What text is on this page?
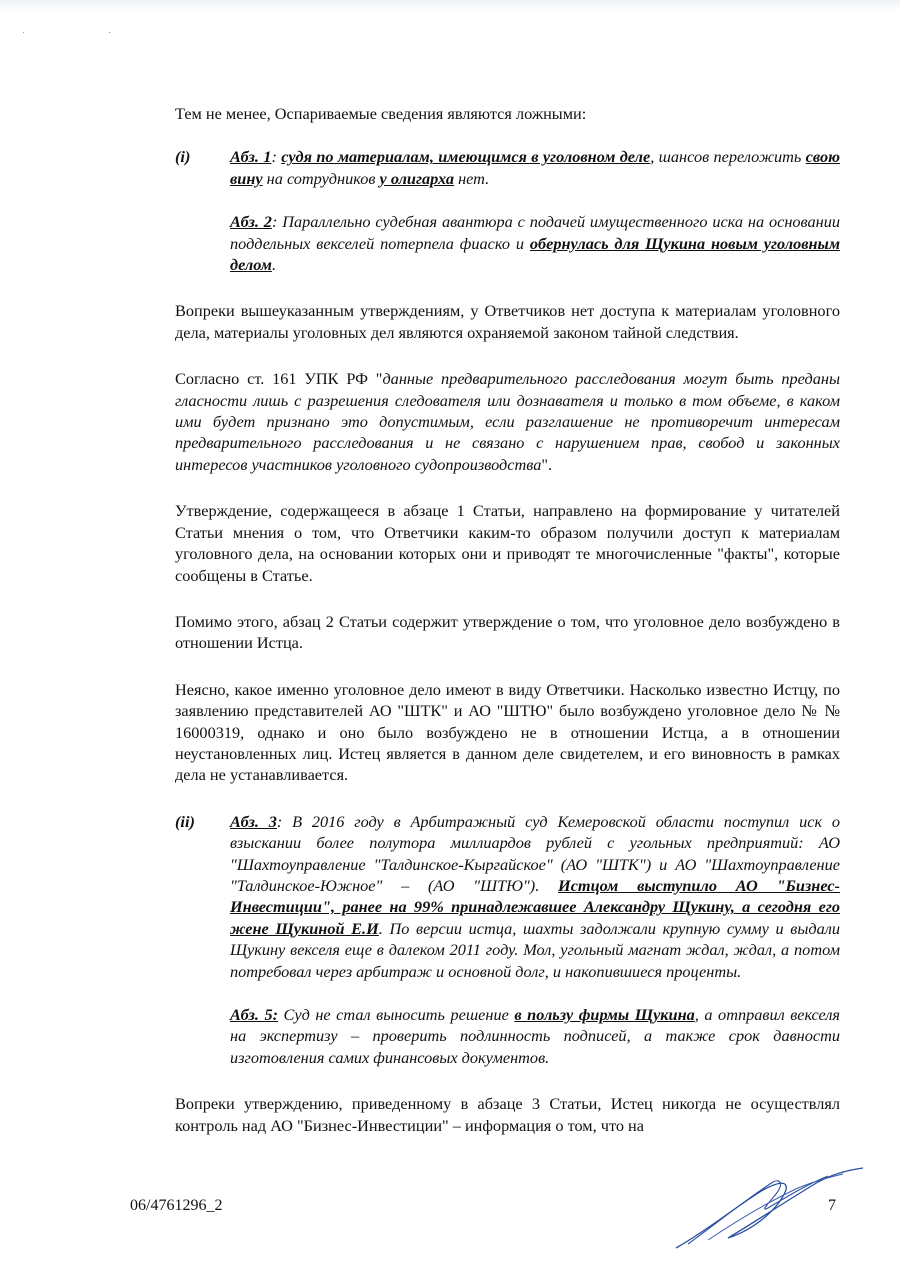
· ·

Тем не менее, Оспариваемые сведения являются ложными:

(i)	Абз. 1: судя по материалам, имеющимся в уголовном деле, шансов переложить свою вину на сотрудников у олигарха нет.

Абз. 2: Параллельно судебная авантюра с подачей имущественного иска на основании поддельных векселей потерпела фиаско и обернулась для Щукина новым уголовным делом.

Вопреки вышеуказанным утверждениям, у Ответчиков нет доступа к материалам уголовного дела, материалы уголовных дел являются охраняемой законом тайной следствия.

Согласно ст. 161 УПК РФ "данные предварительного расследования могут быть преданы гласности лишь с разрешения следователя или дознавателя и только в том объеме, в каком ими будет признано это допустимым, если разглашение не противоречит интересам предварительного расследования и не связано с нарушением прав, свобод и законных интересов участников уголовного судопроизводства".

Утверждение, содержащееся в абзаце 1 Статьи, направлено на формирование у читателей Статьи мнения о том, что Ответчики каким-то образом получили доступ к материалам уголовного дела, на основании которых они и приводят те многочисленные "факты", которые сообщены в Статье.

Помимо этого, абзац 2 Статьи содержит утверждение о том, что уголовное дело возбуждено в отношении Истца.

Неясно, какое именно уголовное дело имеют в виду Ответчики. Насколько известно Истцу, по заявлению представителей АО "ШТК" и АО "ШТЮ" было возбуждено уголовное дело № № 16000319, однако и оно было возбуждено не в отношении Истца, а в отношении неустановленных лиц. Истец является в данном деле свидетелем, и его виновность в рамках дела не устанавливается.

(ii)	Абз. 3: В 2016 году в Арбитражный суд Кемеровской области поступил иск о взыскании более полутора миллиардов рублей с угольных предприятий: АО "Шахтоуправление "Талдинское-Кыргайское" (АО "ШТК") и АО "Шахтоуправление "Талдинское-Южное" – (АО "ШТЮ"). Истцом выступило АО "Бизнес-Инвестиции", ранее на 99% принадлежавшее Александру Щукину, а сегодня его жене Щукиной Е.И. По версии истца, шахты задолжали крупную сумму и выдали Щукину векселя еще в далеком 2011 году. Мол, угольный магнат ждал, ждал, а потом потребовал через арбитраж и основной долг, и накопившиеся проценты.

Абз. 5: Суд не стал выносить решение в пользу фирмы Щукина, а отправил векселя на экспертизу – проверить подлинность подписей, а также срок давности изготовления самих финансовых документов.

Вопреки утверждению, приведенному в абзаце 3 Статьи, Истец никогда не осуществлял контроль над АО "Бизнес-Инвестиции" – информация о том, что на

06/4761296_2	7
